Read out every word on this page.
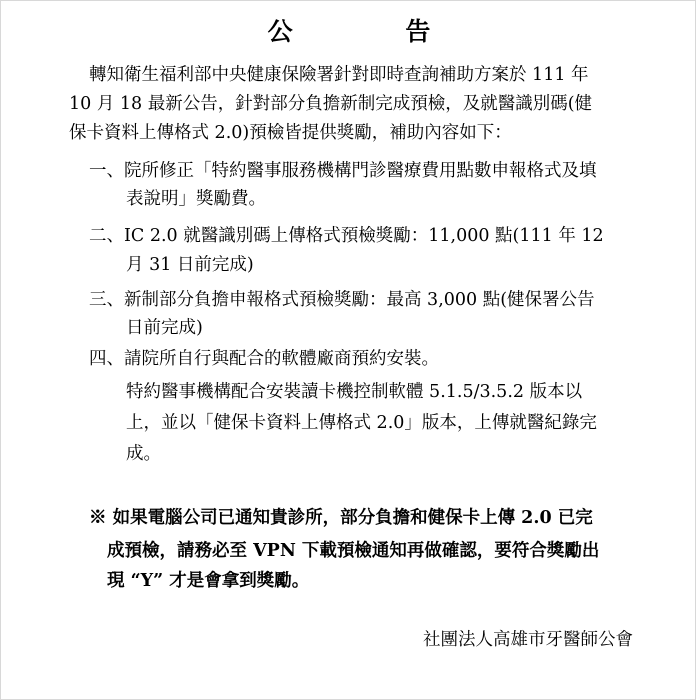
公 告
轉知衛生福利部中央健康保險署針對即時查詢補助方案於 111 年
10 月 18 最新公告，針對部分負擔新制完成預檢，及就醫識別碼(健
保卡資料上傳格式 2.0)預檢皆提供獎勵，補助內容如下：
一、院所修正「特約醫事服務機構門診醫療費用點數申報格式及填
表說明」獎勵費。
二、IC 2.0 就醫識別碼上傳格式預檢獎勵：11,000 點(111 年 12
月 31 日前完成)
三、新制部分負擔申報格式預檢獎勵：最高 3,000 點(健保署公告
日前完成)
四、請院所自行與配合的軟體廠商預約安裝。
特約醫事機構配合安裝讀卡機控制軟體 5.1.5/3.5.2 版本以
上，並以「健保卡資料上傳格式 2.0」版本，上傳就醫紀錄完
成。
※ 如果電腦公司已通知貴診所，部分負擔和健保卡上傳 2.0 已完
成預檢，請務必至 VPN 下載預檢通知再做確認，要符合獎勵出
現 “Y” 才是會拿到獎勵。
社團法人高雄市牙醫師公會
